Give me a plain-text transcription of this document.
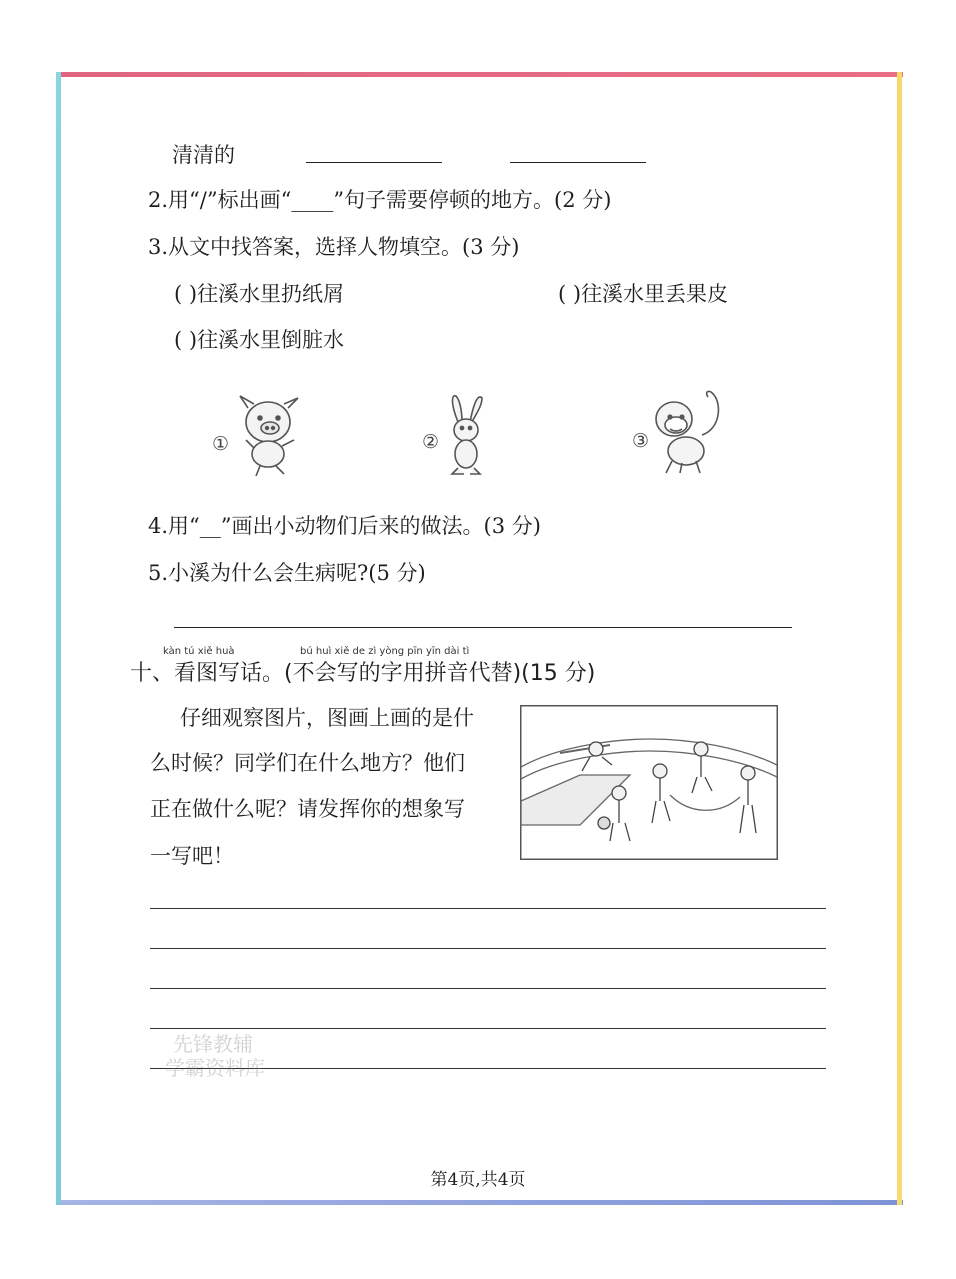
清清的
2.用“/”标出画“____”句子需要停顿的地方。(2 分)
3.从文中找答案，选择人物填空。(3 分)
( )往溪水里扔纸屑	( )往溪水里丢果皮
( )往溪水里倒脏水
①	②	③
4.用“__”画出小动物们后来的做法。(3 分)
5.小溪为什么会生病呢?(5 分)
kàn tú xiě huà	bú huì xiě de zì yòng pīn yīn dài tì
十、看图写话。(不会写的字用拼音代替)(15 分)
仔细观察图片，图画上画的是什
么时候？同学们在什么地方？他们
正在做什么呢？请发挥你的想象写
一写吧！
先锋教辅
学霸资料库
第4页,共4页
